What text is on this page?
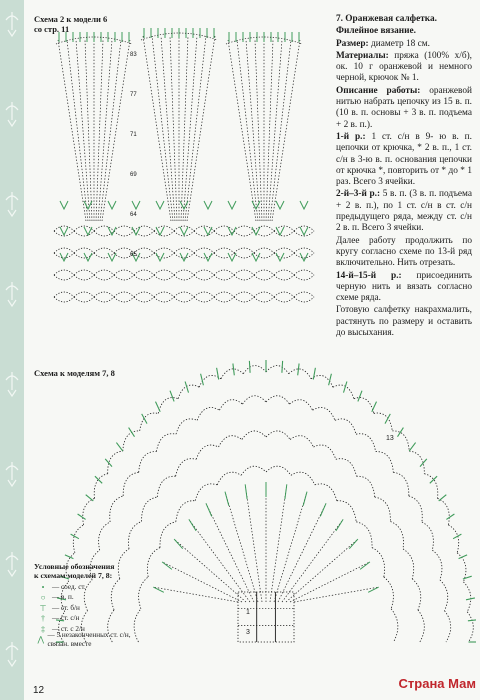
Схема 2 к модели 6
со стр. 11
83
77
71
69
64
65

7. Оранжевая салфетка.

Филейное вязание.

Размер: диаметр 18 см.

Материалы: пряжа (100% х/б), ок. 10 г оранжевой и немного черной, крючок № 1.

Описание работы: оранжевой нитью набрать цепочку из 15 в. п. (10 в. п. основы + 3 в. п. подъема + 2 в. п.).

1-й р.: 1 ст. с/н в 9- ю в. п. цепочки от крючка, * 2 в. п., 1 ст. с/н в 3-ю в. п. основания цепочки от крючка *, повторить от * до * 1 раз. Всего 3 ячейки.

2-й–3-й р.: 5 в. п. (3 в. п. подъема + 2 в. п.), по 1 ст. с/н в ст. с/н предыдущего ряда, между ст. с/н 2 в. п. Всего 3 ячейки.

Далее работу продолжить по кругу согласно схеме по 13-й ряд включительно. Нить отрезать.

14-й–15-й р.: присоединить черную нить и вязать согласно схеме ряда.

Готовую салфетку накрахмалить, растянуть по размеру и оставить до высыхания.

Схема к моделям 7, 8
13
1
3
Условные обозначения
к схемам моделей 7, 8:
•	— соед. ст.
○ — в. п.
⊤ — ст. б/н
† — ст. с/н
‡ — ст. с 2/н
⋀
— 5 незаконченных ст. с/н, связан. вместе
12	Страна Мам
